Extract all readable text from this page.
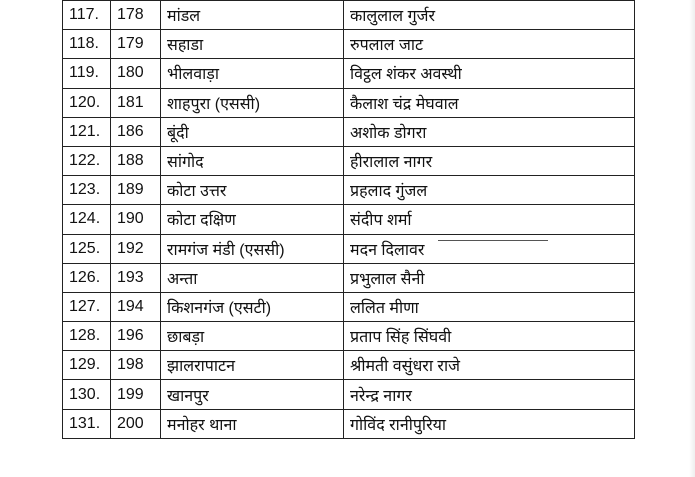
117.	178	मांडल	कालुलाल गुर्जर
118.	179	सहाडा	रुपलाल जाट
119.	180	भीलवाड़ा	विट्ठल शंकर अवस्थी
120.	181	शाहपुरा (एससी)	कैलाश चंद्र मेघवाल
121.	186	बूंदी	अशोक डोगरा
122.	188	सांगोद	हीरालाल नागर
123.	189	कोटा उत्तर	प्रहलाद गुंजल
124.	190	कोटा दक्षिण	संदीप शर्मा
125.	192	रामगंज मंडी (एससी)	मदन दिलावर
126.	193	अन्ता	प्रभुलाल सैनी
127.	194	किशनगंज (एसटी)	ललित मीणा
128.	196	छाबड़ा	प्रताप सिंह सिंघवी
129.	198	झालरापाटन	श्रीमती वसुंधरा राजे
130.	199	खानपुर	नरेन्द्र नागर
131.	200	मनोहर थाना	गोविंद रानीपुरिया
